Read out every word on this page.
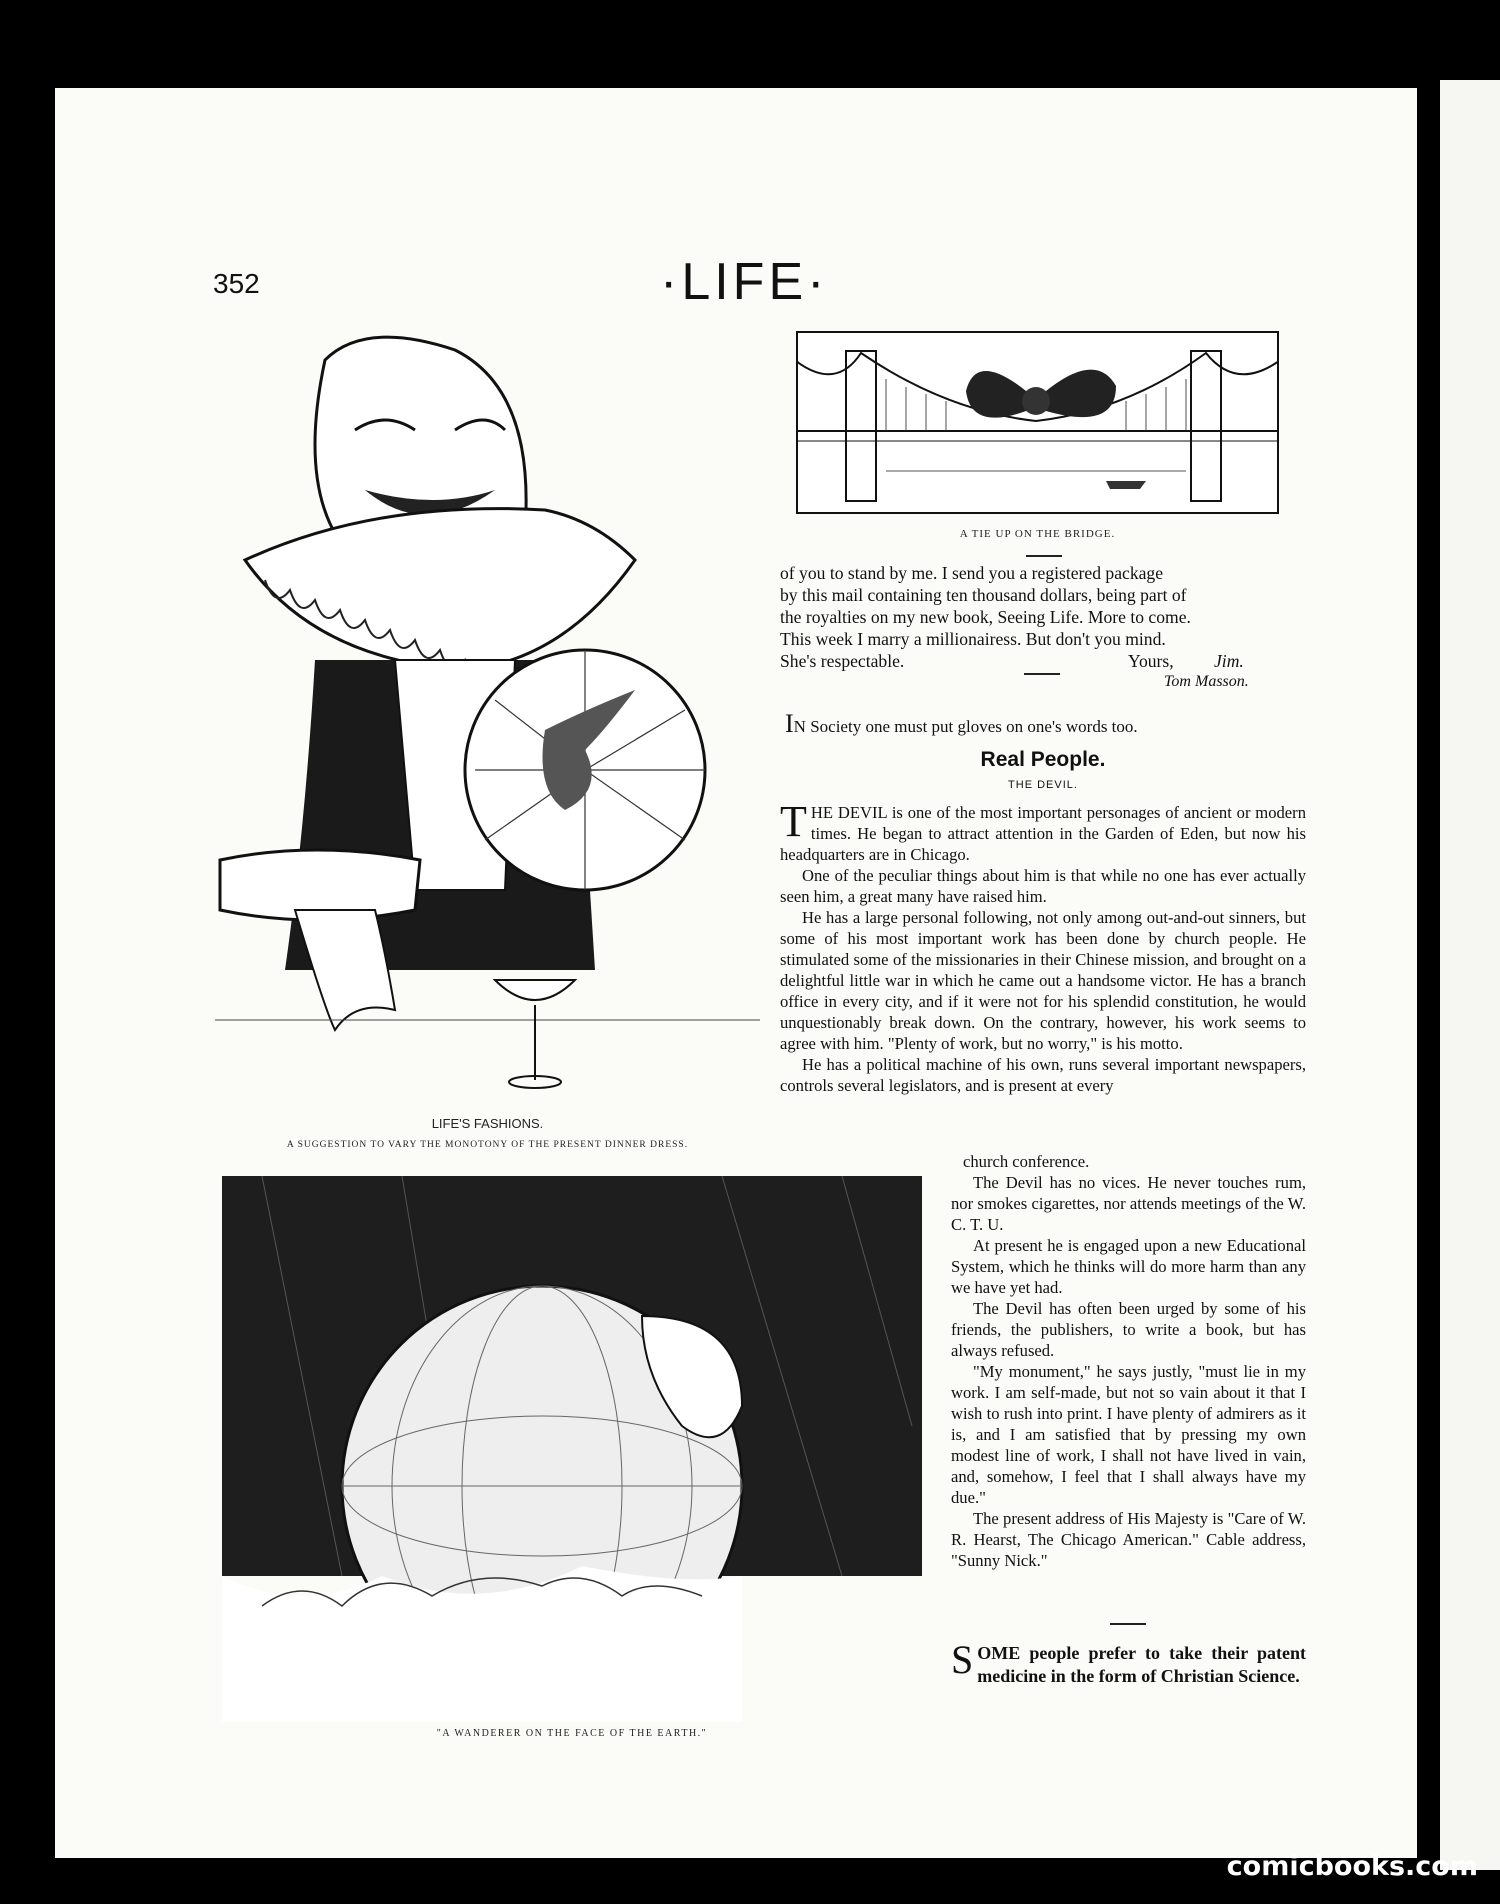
352	·LIFE·
A TIE UP ON THE BRIDGE.
LIFE'S FASHIONS.
A SUGGESTION TO VARY THE MONOTONY OF THE PRESENT DINNER DRESS.
"A WANDERER ON THE FACE OF THE EARTH."
of you to stand by me. I send you a registered package
by this mail containing ten thousand dollars, being part of
the royalties on my new book, Seeing Life. More to come.
This week I marry a millionairess. But don't you mind.
She's respectable.	Yours, Jim.
Tom Masson.
IN Society one must put gloves on one's words too.
Real People.
THE DEVIL.

THE DEVIL is one of the most important personages of ancient or modern times. He began to attract attention in the Garden of Eden, but now his headquarters are in Chicago.

One of the peculiar things about him is that while no one has ever actually seen him, a great many have raised him.

He has a large personal following, not only among out-and-out sinners, but some of his most important work has been done by church people. He stimulated some of the missionaries in their Chinese mission, and brought on a delightful little war in which he came out a handsome victor. He has a branch office in every city, and if it were not for his splendid constitution, he would unquestionably break down. On the contrary, however, his work seems to agree with him. "Plenty of work, but no worry," is his motto.

He has a political machine of his own, runs several important newspapers, controls several legislators, and is present at every

church conference.

The Devil has no vices. He never touches rum, nor smokes cigarettes, nor attends meetings of the W. C. T. U.

At present he is engaged upon a new Educational System, which he thinks will do more harm than any we have yet had.

The Devil has often been urged by some of his friends, the publishers, to write a book, but has always refused.

"My monument," he says justly, "must lie in my work. I am self-made, but not so vain about it that I wish to rush into print. I have plenty of admirers as it is, and I am satisfied that by pressing my own modest line of work, I shall not have lived in vain, and, somehow, I feel that I shall always have my due."

The present address of His Majesty is "Care of W. R. Hearst, The Chicago American." Cable address, "Sunny Nick."

SOME people prefer to take their patent medicine in the form of Christian Science.
comicbooks.com
